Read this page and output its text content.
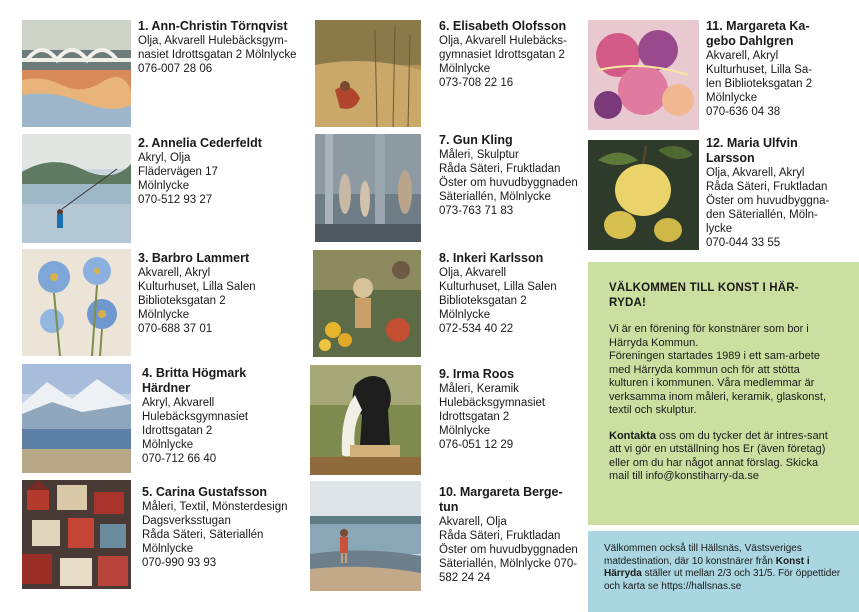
1. Ann-Christin Törnqvist
Olja, Akvarell Hulebäcksgym-
nasiet Idrottsgatan 2 Mölnlycke
076-007 28 06
2. Annelia Cederfeldt
Akryl, Olja
Flädervägen 17
Mölnlycke
070-512 93 27
3. Barbro Lammert
Akvarell, Akryl
Kulturhuset, Lilla Salen
Biblioteksgatan 2
Mölnlycke
070-688 37 01
4. Britta Högmark
Härdner
Akryl, Akvarell
Hulebäcksgymnasiet
Idrottsgatan 2
Mölnlycke
070-712 66 40
5. Carina Gustafsson
Måleri, Textil, Mönsterdesign
Dagsverksstugan
Råda Säteri, Säteriallén
Mölnlycke
070-990 93 93
6. Elisabeth Olofsson
Olja, Akvarell Hulebäcks-
gymnasiet Idrottsgatan 2
Mölnlycke
073-708 22 16
7. Gun Kling
Måleri, Skulptur
Råda Säteri, Fruktladan
Öster om huvudbyggnaden
Säteriallén, Mölnlycke
073-763 71 83
8. Inkeri Karlsson
Olja, Akvarell
Kulturhuset, Lilla Salen
Biblioteksgatan 2
Mölnlycke
072-534 40 22
9. Irma Roos
Måleri, Keramik
Hulebäcksgymnasiet
Idrottsgatan 2
Mölnlycke
076-051 12 29
10. Margareta Berge-
tun
Akvarell, Olja
Råda Säteri, Fruktladan
Öster om huvudbyggnaden
Säteriallén, Mölnlycke 070-
582 24 24
11. Margareta Ka-
gebo Dahlgren
Akvarell, Akryl
Kulturhuset, Lilla Sa-
len Biblioteksgatan 2
Mölnlycke
070-636 04 38
12. Maria Ulfvin
Larsson
Olja, Akvarell, Akryl
Råda Säteri, Fruktladan
Öster om huvudbyggna-
den Säteriallén, Möln-
lycke
070-044 33 55
VÄLKOMMEN TILL KONST I HÄR-
RYDA!

Vi är en förening för konstnärer som bor i Härryda Kommun.

Föreningen startades 1989 i ett sam-arbete med Härryda kommun och för att stötta kulturen i kommunen. Våra medlemmar är verksamma inom måleri, keramik, glaskonst, textil och skulptur.

Kontakta oss om du tycker det är intres-sant att vi gör en utställning hos Er (även företag) eller om du har något annat förslag. Skicka mail till info@konstiharry-da.se

Välkommen också till Hällsnäs, Västsveriges matdestination, där 10 konstnärer från Konst i Härryda ställer ut mellan 2/3 och 31/5. För öppettider och karta se https://hallsnas.se
